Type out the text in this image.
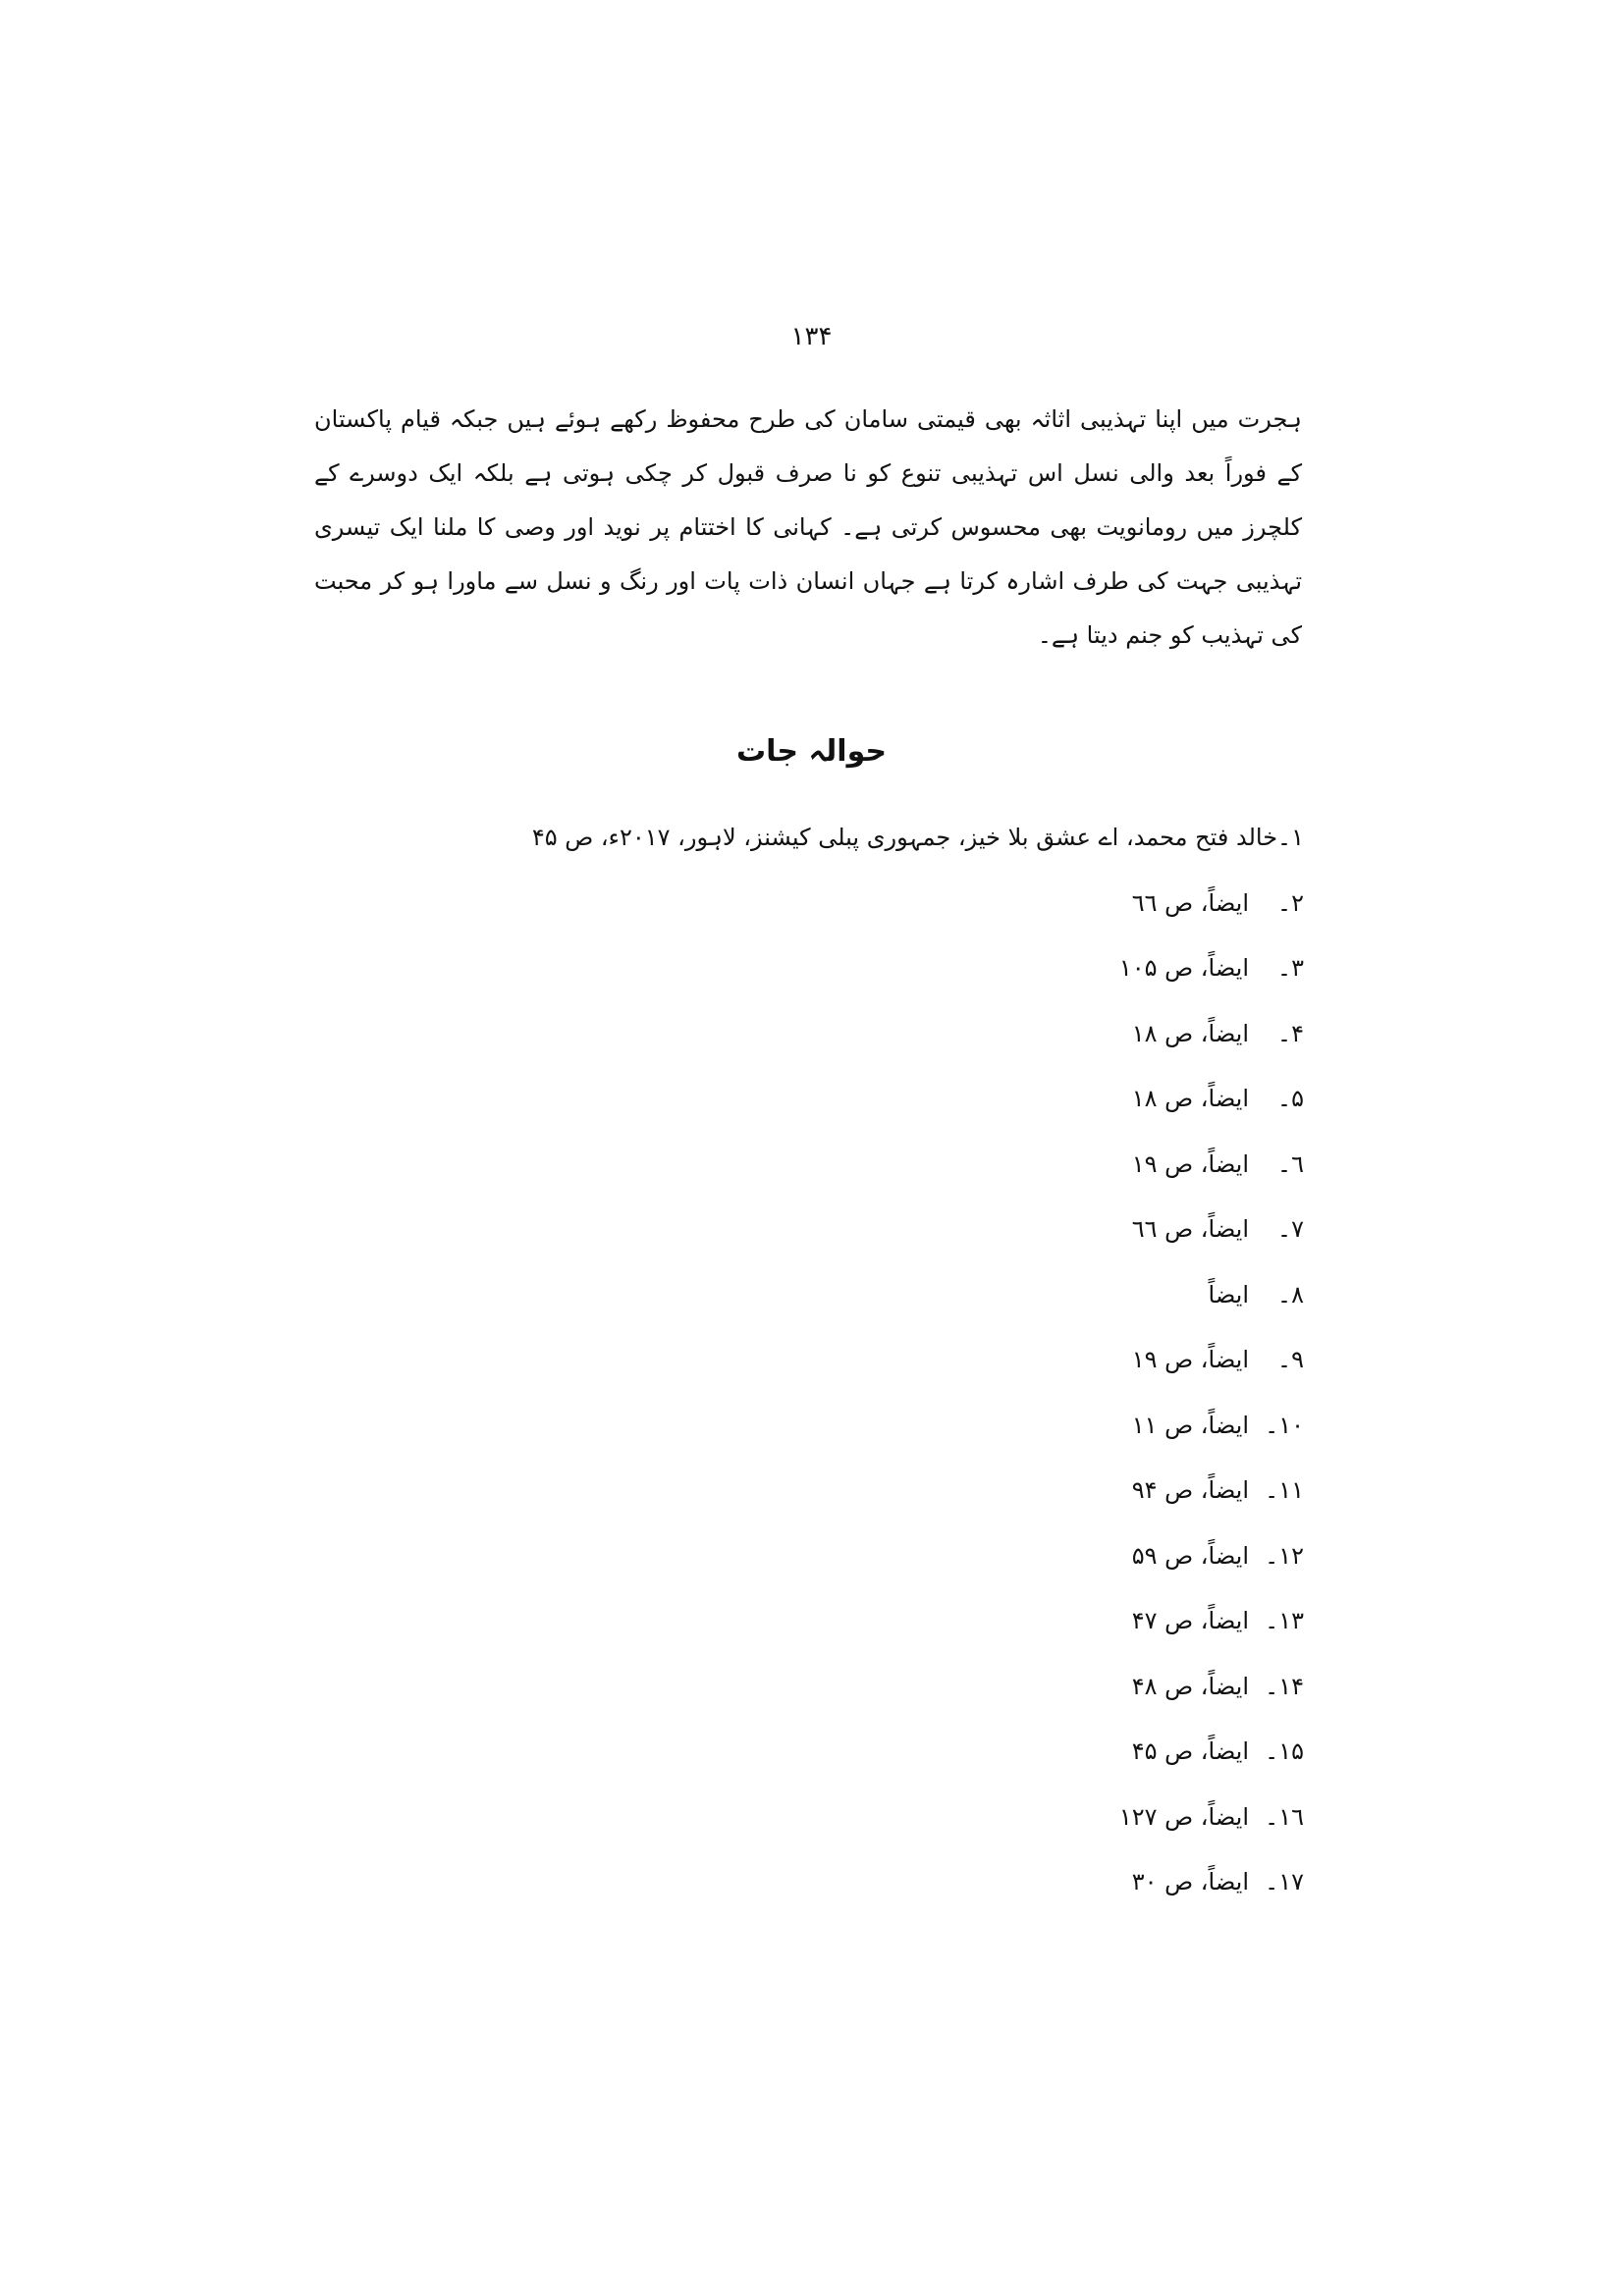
۱۳۴
ہجرت میں اپنا تہذیبی اثاثہ بھی قیمتی سامان کی طرح محفوظ رکھے ہوئے ہیں جبکہ قیام پاکستان کے فوراً بعد والی نسل اس تہذیبی تنوع کو نا صرف قبول کر چکی ہوتی ہے بلکہ ایک دوسرے کے کلچرز میں رومانویت بھی محسوس کرتی ہے۔ کہانی کا اختتام پر نوید اور وصی کا ملنا ایک تیسری تہذیبی جہت کی طرف اشارہ کرتا ہے جہاں انسان ذات پات اور رنگ و نسل سے ماورا ہو کر محبت کی تہذیب کو جنم دیتا ہے۔
حوالہ جات
۱۔
خالد فتح محمد، اے عشق بلا خیز، جمہوری پبلی کیشنز، لاہور، ۲۰۱۷ء، ص ۴۵
۲۔
ایضاً، ص ٦٦
۳۔
ایضاً، ص ۱۰۵
۴۔
ایضاً، ص ۱۸
۵۔
ایضاً، ص ۱۸
٦۔
ایضاً، ص ۱۹
۷۔
ایضاً، ص ٦٦
۸۔
ایضاً
۹۔
ایضاً، ص ۱۹
۱۰۔
ایضاً، ص ۱۱
۱۱۔
ایضاً، ص ۹۴
۱۲۔
ایضاً، ص ۵۹
۱۳۔
ایضاً، ص ۴۷
۱۴۔
ایضاً، ص ۴۸
۱۵۔
ایضاً، ص ۴۵
۱٦۔
ایضاً، ص ۱۲۷
۱۷۔
ایضاً، ص ۳۰
